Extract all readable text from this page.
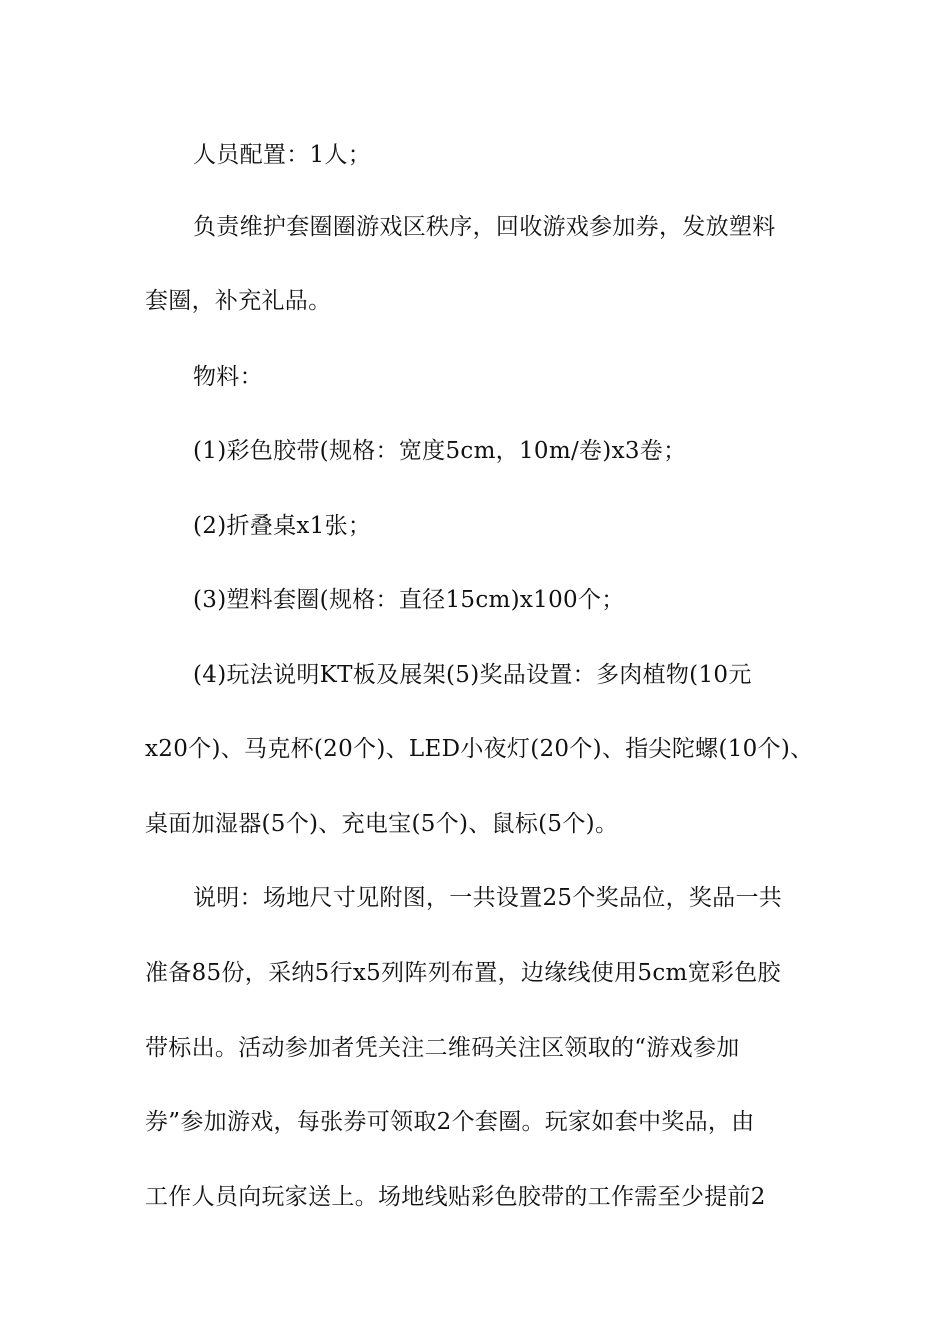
人员配置：1人；
负责维护套圈圈游戏区秩序，回收游戏参加券，发放塑料
套圈，补充礼品。
物料：
(1)彩色胶带(规格：宽度5cm，10m/卷)x3卷；
(2)折叠桌x1张；
(3)塑料套圈(规格：直径15cm)x100个；
(4)玩法说明KT板及展架(5)奖品设置：多肉植物(10元
x20个)、马克杯(20个)、LED小夜灯(20个)、指尖陀螺(10个)、
桌面加湿器(5个)、充电宝(5个)、鼠标(5个)。
说明：场地尺寸见附图，一共设置25个奖品位，奖品一共
准备85份，采纳5行x5列阵列布置，边缘线使用5cm宽彩色胶
带标出。活动参加者凭关注二维码关注区领取的“游戏参加
券”参加游戏，每张券可领取2个套圈。玩家如套中奖品，由
工作人员向玩家送上。场地线贴彩色胶带的工作需至少提前2
